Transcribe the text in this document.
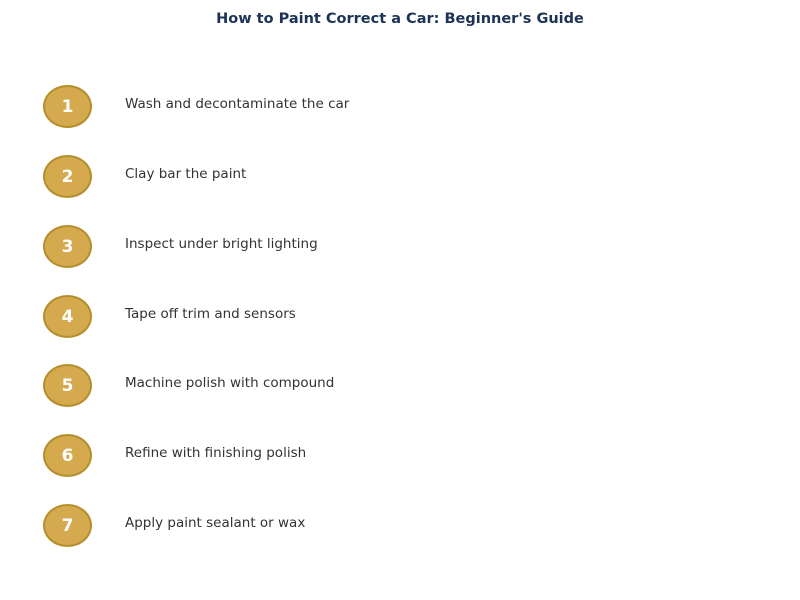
How to Paint Correct a Car: Beginner's Guide
1	Wash and decontaminate the car
2	Clay bar the paint
3	Inspect under bright lighting
4	Tape off trim and sensors
5	Machine polish with compound
6	Refine with finishing polish
7	Apply paint sealant or wax
